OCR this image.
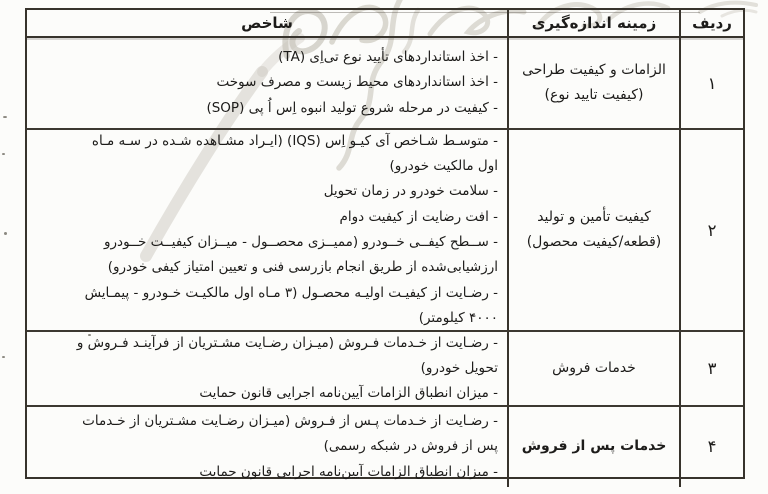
ردیف
زمینه اندازه‌گیری
شاخص
۱
الزامات و کیفیت طراحی
(کیفیت تایید نوع)
- اخذ استانداردهای تأیید نوع تی‌اِی (TA)
- اخذ استانداردهای محیط زیست و مصرف سوخت
- کیفیت در مرحله شروع تولید انبوه اِس اُ پی (SOP)
۲
کیفیت تأمین و تولید
(قطعه/کیفیت محصول)
- متوسـط شـاخص آی کیـو اِس (IQS) (ایـراد مشـاهده شـده در سـه مـاه
اول مالکیت خودرو)
- سلامت خودرو در زمان تحویل
- افت رضایت از کیفیت دوام
- ســطح کیفــی خــودرو (ممیــزی محصــول - میــزان کیفیــت خــودرو
ارزشیابی‌شده از طریق انجام بازرسی فنی و تعیین امتیاز کیفی خودرو)
- رضـایت از کیفیـت اولیـه محصـول (۳ مـاه اول مالکیـت خـودرو - پیمـایش
۴۰۰۰ کیلومتر)
۳
خدمات فروش
- رضـایت از خـدمات فـروش (میـزان رضـایت مشـتریان از فرآینـد فـروش و
تحویل خودرو)
- میزان انطباق الزامات آیین‌نامه اجرایی قانون حمایت
۴
خدمات پس از فروش
- رضـایت از خـدمات پـس از فـروش (میـزان رضـایت مشـتریان از خـدمات
پس از فروش در شبکه رسمی)
- میزان انطباق الزامات آیین‌نامه اجرایی قانون حمایت
